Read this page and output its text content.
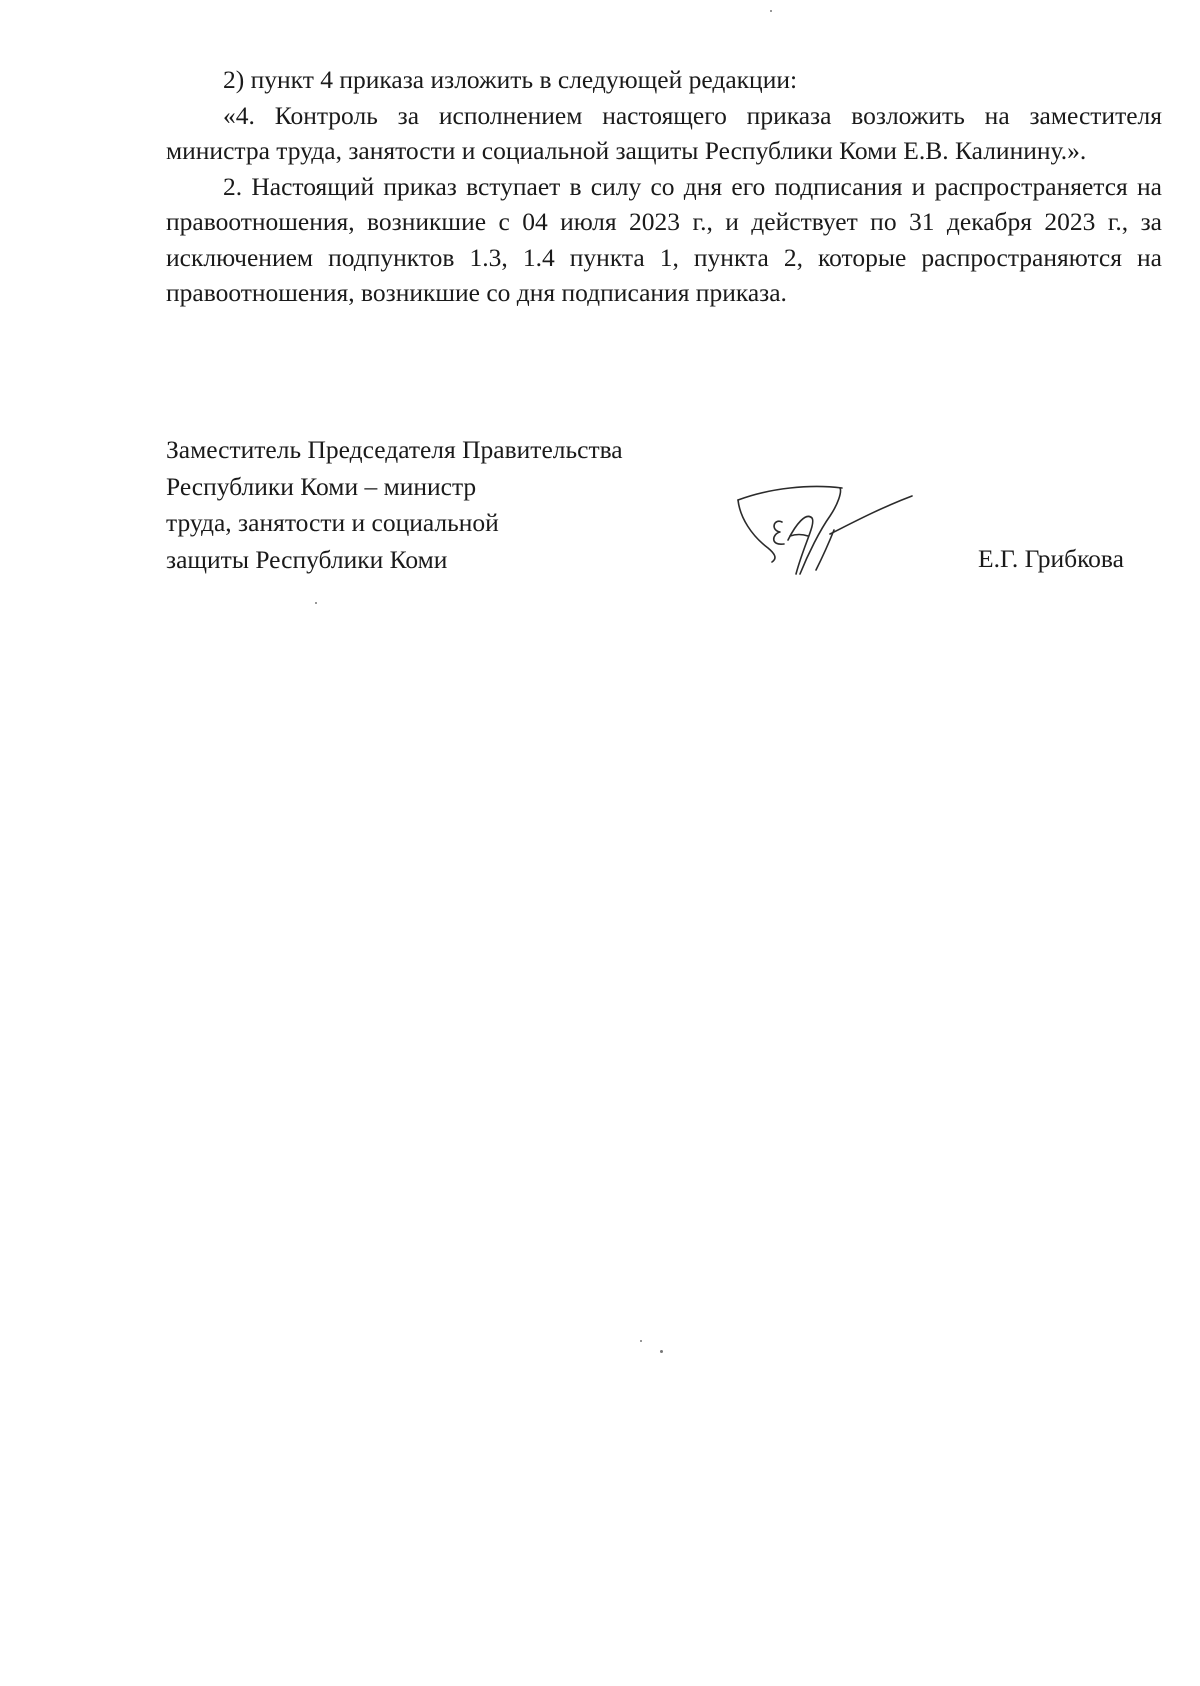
2) пункт 4 приказа изложить в следующей редакции:

«4. Контроль за исполнением настоящего приказа возложить на заместителя министра труда, занятости и социальной защиты Республики Коми Е.В. Калинину.».

2. Настоящий приказ вступает в силу со дня его подписания и распространяется на правоотношения, возникшие с 04 июля 2023 г., и действует по 31 декабря 2023 г., за исключением подпунктов 1.3, 1.4 пункта 1, пункта 2, которые распространяются на правоотношения, возникшие со дня подписания приказа.

Заместитель Председателя Правительства
Республики Коми – министр
труда, занятости и социальной
защиты Республики Коми	Е.Г. Грибкова
